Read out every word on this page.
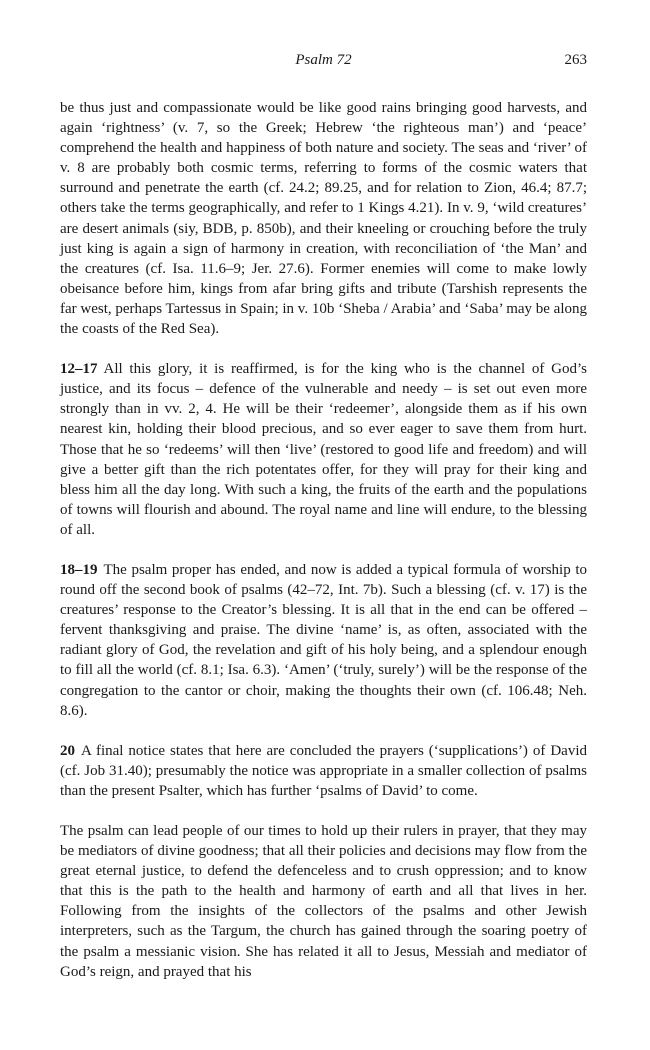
Psalm 72	263

be thus just and compassionate would be like good rains bringing good harvests, and again ‘rightness’ (v. 7, so the Greek; Hebrew ‘the righteous man’) and ‘peace’ comprehend the health and happiness of both nature and society. The seas and ‘river’ of v. 8 are probably both cosmic terms, referring to forms of the cosmic waters that surround and penetrate the earth (cf. 24.2; 89.25, and for relation to Zion, 46.4; 87.7; others take the terms geographically, and refer to 1 Kings 4.21). In v. 9, ‘wild creatures’ are desert animals (siy, BDB, p. 850b), and their kneeling or crouching before the truly just king is again a sign of harmony in creation, with reconciliation of ‘the Man’ and the creatures (cf. Isa. 11.6–9; Jer. 27.6). Former enemies will come to make lowly obeisance before him, kings from afar bring gifts and tribute (Tarshish represents the far west, perhaps Tartessus in Spain; in v. 10b ‘Sheba / Arabia’ and ‘Saba’ may be along the coasts of the Red Sea).

12–17 All this glory, it is reaffirmed, is for the king who is the channel of God’s justice, and its focus – defence of the vulnerable and needy – is set out even more strongly than in vv. 2, 4. He will be their ‘redeemer’, alongside them as if his own nearest kin, holding their blood precious, and so ever eager to save them from hurt. Those that he so ‘redeems’ will then ‘live’ (restored to good life and freedom) and will give a better gift than the rich potentates offer, for they will pray for their king and bless him all the day long. With such a king, the fruits of the earth and the populations of towns will flourish and abound. The royal name and line will endure, to the blessing of all.

18–19 The psalm proper has ended, and now is added a typical formula of worship to round off the second book of psalms (42–72, Int. 7b). Such a blessing (cf. v. 17) is the creatures’ response to the Creator’s blessing. It is all that in the end can be offered – fervent thanksgiving and praise. The divine ‘name’ is, as often, associated with the radiant glory of God, the revelation and gift of his holy being, and a splendour enough to fill all the world (cf. 8.1; Isa. 6.3). ‘Amen’ (‘truly, surely’) will be the response of the congregation to the cantor or choir, making the thoughts their own (cf. 106.48; Neh. 8.6).

20 A final notice states that here are concluded the prayers (‘supplications’) of David (cf. Job 31.40); presumably the notice was appropriate in a smaller collection of psalms than the present Psalter, which has further ‘psalms of David’ to come.

The psalm can lead people of our times to hold up their rulers in prayer, that they may be mediators of divine goodness; that all their policies and decisions may flow from the great eternal justice, to defend the defenceless and to crush oppression; and to know that this is the path to the health and harmony of earth and all that lives in her. Following from the insights of the collectors of the psalms and other Jewish interpreters, such as the Targum, the church has gained through the soaring poetry of the psalm a messianic vision. She has related it all to Jesus, Messiah and mediator of God’s reign, and prayed that his
